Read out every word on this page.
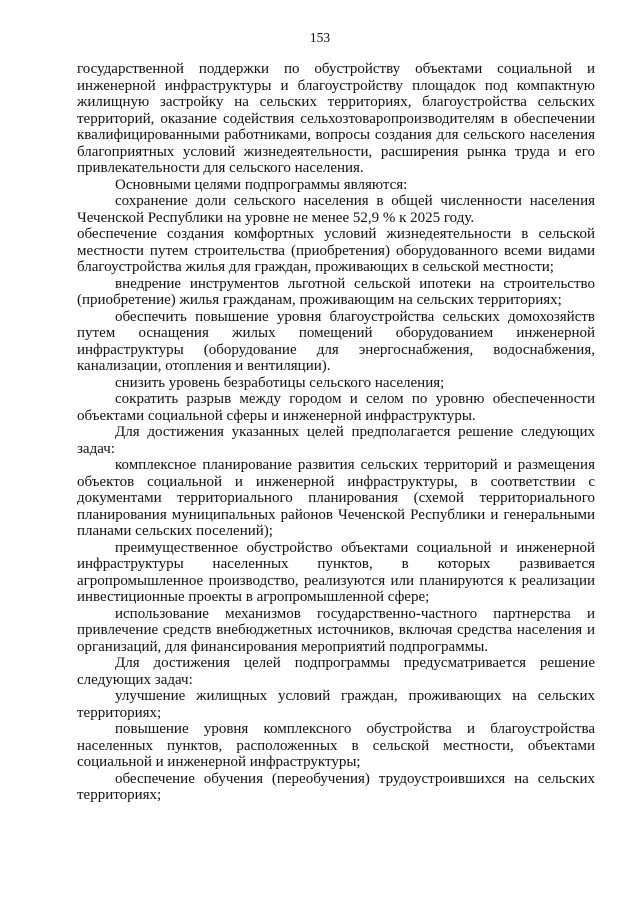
153

государственной поддержки по обустройству объектами социальной и инженерной инфраструктуры и благоустройству площадок под компактную жилищную застройку на сельских территориях, благоустройства сельских территорий, оказание содействия сельхозтоваропроизводителям в обеспечении квалифицированными работниками, вопросы создания для сельского населения благоприятных условий жизнедеятельности, расширения рынка труда и его привлекательности для сельского населения.

Основными целями подпрограммы являются:

сохранение доли сельского населения в общей численности населения Чеченской Республики на уровне не менее 52,9 % к 2025 году.

обеспечение создания комфортных условий жизнедеятельности в сельской местности путем строительства (приобретения) оборудованного всеми видами благоустройства жилья для граждан, проживающих в сельской местности;

внедрение инструментов льготной сельской ипотеки на строительство (приобретение) жилья гражданам, проживающим на сельских территориях;

обеспечить повышение уровня благоустройства сельских домохозяйств путем оснащения жилых помещений оборудованием инженерной инфраструктуры (оборудование для энергоснабжения, водоснабжения, канализации, отопления и вентиляции).

снизить уровень безработицы сельского населения;

сократить разрыв между городом и селом по уровню обеспеченности объектами социальной сферы и инженерной инфраструктуры.

Для достижения указанных целей предполагается решение следующих задач:

комплексное планирование развития сельских территорий и размещения объектов социальной и инженерной инфраструктуры, в соответствии с документами территориального планирования (схемой территориального планирования муниципальных районов Чеченской Республики и генеральными планами сельских поселений);

преимущественное обустройство объектами социальной и инженерной инфраструктуры населенных пунктов, в которых развивается агропромышленное производство, реализуются или планируются к реализации инвестиционные проекты в агропромышленной сфере;

использование механизмов государственно-частного партнерства и привлечение средств внебюджетных источников, включая средства населения и организаций, для финансирования мероприятий подпрограммы.

Для достижения целей подпрограммы предусматривается решение следующих задач:

улучшение жилищных условий граждан, проживающих на сельских территориях;

повышение уровня комплексного обустройства и благоустройства населенных пунктов, расположенных в сельской местности, объектами социальной и инженерной инфраструктуры;

обеспечение обучения (переобучения) трудоустроившихся на сельских территориях;
